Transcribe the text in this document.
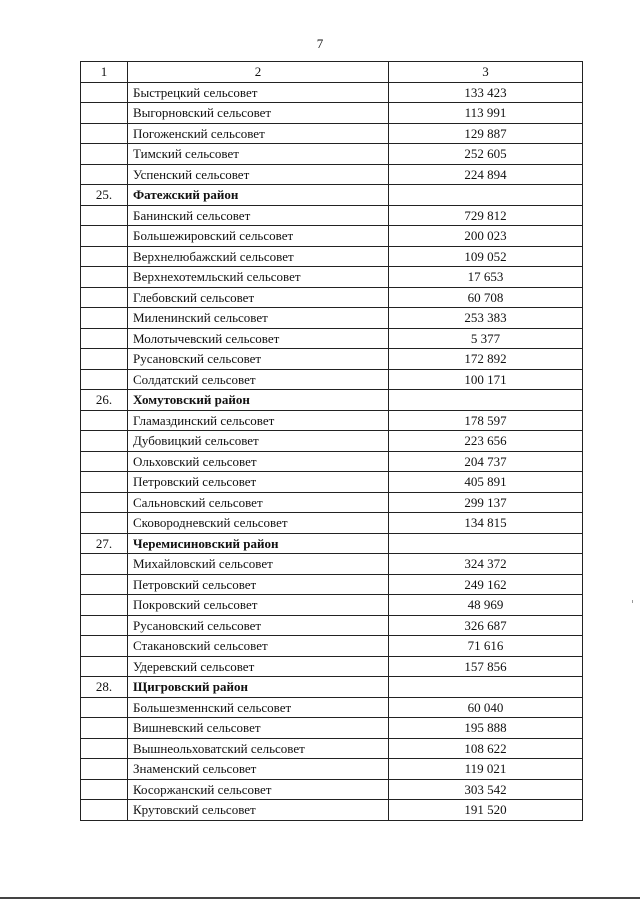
7
1	2	3
	Быстрецкий сельсовет	133 423
	Выгорновский сельсовет	113 991
	Погоженский сельсовет	129 887
	Тимский сельсовет	252 605
	Успенский сельсовет	224 894
25.	Фатежский район	
	Банинский сельсовет	729 812
	Большежировский сельсовет	200 023
	Верхнелюбажский сельсовет	109 052
	Верхнехотемльский сельсовет	17 653
	Глебовский сельсовет	60 708
	Миленинский сельсовет	253 383
	Молотычевский сельсовет	5 377
	Русановский сельсовет	172 892
	Солдатский сельсовет	100 171
26.	Хомутовский район	
	Гламаздинский сельсовет	178 597
	Дубовицкий сельсовет	223 656
	Ольховский сельсовет	204 737
	Петровский сельсовет	405 891
	Сальновский сельсовет	299 137
	Сковородневский сельсовет	134 815
27.	Черемисиновский район	
	Михайловский сельсовет	324 372
	Петровский сельсовет	249 162
	Покровский сельсовет	48 969
	Русановский сельсовет	326 687
	Стакановский сельсовет	71 616
	Удеревский сельсовет	157 856
28.	Щигровский район	
	Большезменнский сельсовет	60 040
	Вишневский сельсовет	195 888
	Вышнеольховатский сельсовет	108 622
	Знаменский сельсовет	119 021
	Косоржанский сельсовет	303 542
	Крутовский сельсовет	191 520
